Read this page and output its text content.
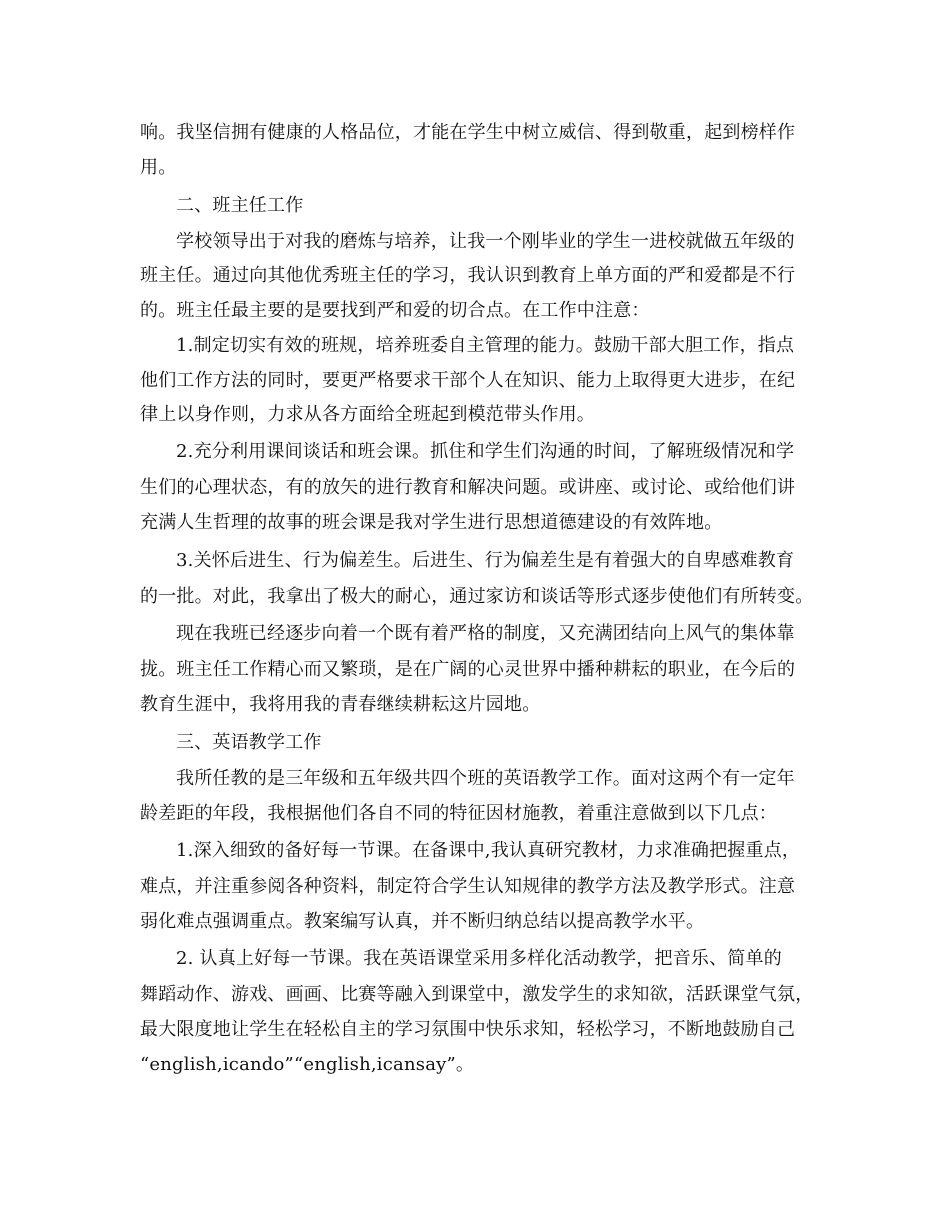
响。我坚信拥有健康的人格品位，才能在学生中树立威信、得到敬重，起到榜样作
用。
二、班主任工作
学校领导出于对我的磨炼与培养，让我一个刚毕业的学生一进校就做五年级的
班主任。通过向其他优秀班主任的学习，我认识到教育上单方面的严和爱都是不行
的。班主任最主要的是要找到严和爱的切合点。在工作中注意：
1.制定切实有效的班规，培养班委自主管理的能力。鼓励干部大胆工作，指点
他们工作方法的同时，要更严格要求干部个人在知识、能力上取得更大进步，在纪
律上以身作则，力求从各方面给全班起到模范带头作用。
2.充分利用课间谈话和班会课。抓住和学生们沟通的时间，了解班级情况和学
生们的心理状态，有的放矢的进行教育和解决问题。或讲座、或讨论、或给他们讲
充满人生哲理的故事的班会课是我对学生进行思想道德建设的有效阵地。
3.关怀后进生、行为偏差生。后进生、行为偏差生是有着强大的自卑感难教育
的一批。对此，我拿出了极大的耐心，通过家访和谈话等形式逐步使他们有所转变。
现在我班已经逐步向着一个既有着严格的制度，又充满团结向上风气的集体靠
拢。班主任工作精心而又繁琐，是在广阔的心灵世界中播种耕耘的职业，在今后的
教育生涯中，我将用我的青春继续耕耘这片园地。
三、英语教学工作
我所任教的是三年级和五年级共四个班的英语教学工作。面对这两个有一定年
龄差距的年段，我根据他们各自不同的特征因材施教，着重注意做到以下几点：
1.深入细致的备好每一节课。在备课中,我认真研究教材，力求准确把握重点，
难点，并注重参阅各种资料，制定符合学生认知规律的教学方法及教学形式。注意
弱化难点强调重点。教案编写认真，并不断归纳总结以提高教学水平。
2. 认真上好每一节课。我在英语课堂采用多样化活动教学，把音乐、简单的
舞蹈动作、游戏、画画、比赛等融入到课堂中，激发学生的求知欲，活跃课堂气氛，
最大限度地让学生在轻松自主的学习氛围中快乐求知，轻松学习，不断地鼓励自己
“english,icando”“english,icansay”。
